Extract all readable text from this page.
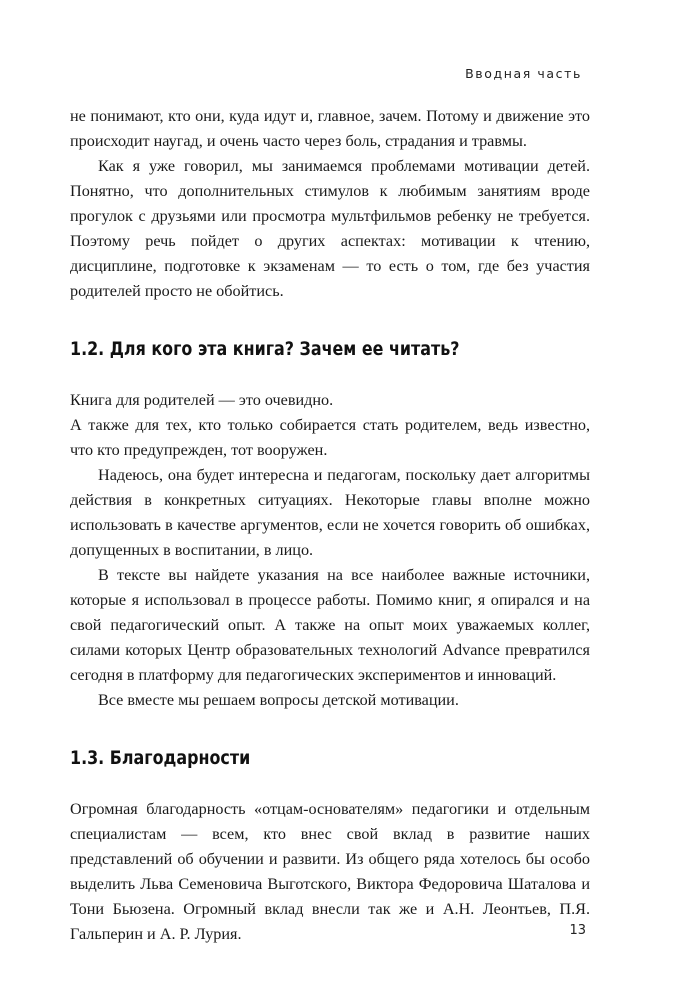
Вводная часть

не понимают, кто они, куда идут и, главное, зачем. Потому и движение это происходит наугад, и очень часто через боль, страдания и травмы.

Как я уже говорил, мы занимаемся проблемами мотивации детей. Понятно, что дополнительных стимулов к любимым занятиям вроде прогулок с друзьями или просмотра мультфильмов ребенку не требуется. Поэтому речь пойдет о других аспектах: мотивации к чтению, дисциплине, подготовке к экзаменам — то есть о том, где без участия родителей просто не обойтись.

1.2. Для кого эта книга? Зачем ее читать?

Книга для родителей — это очевидно.

А также для тех, кто только собирается стать родителем, ведь известно, что кто предупрежден, тот вооружен.

Надеюсь, она будет интересна и педагогам, поскольку дает алгоритмы действия в конкретных ситуациях. Некоторые главы вполне можно использовать в качестве аргументов, если не хочется говорить об ошибках, допущенных в воспитании, в лицо.

В тексте вы найдете указания на все наиболее важные источники, которые я использовал в процессе работы. Помимо книг, я опирался и на свой педагогический опыт. А также на опыт моих уважаемых коллег, силами которых Центр образовательных технологий Advance превратился сегодня в платформу для педагогических экспериментов и инноваций.

Все вместе мы решаем вопросы детской мотивации.

1.3. Благодарности

Огромная благодарность «отцам-основателям» педагогики и отдельным специалистам — всем, кто внес свой вклад в развитие наших представлений об обучении и развити. Из общего ряда хотелось бы особо выделить Льва Семеновича Выготского, Виктора Федоровича Шаталова и Тони Бьюзена. Огромный вклад внесли так же и А.Н. Леонтьев, П.Я. Гальперин и А. Р. Лурия.	13
